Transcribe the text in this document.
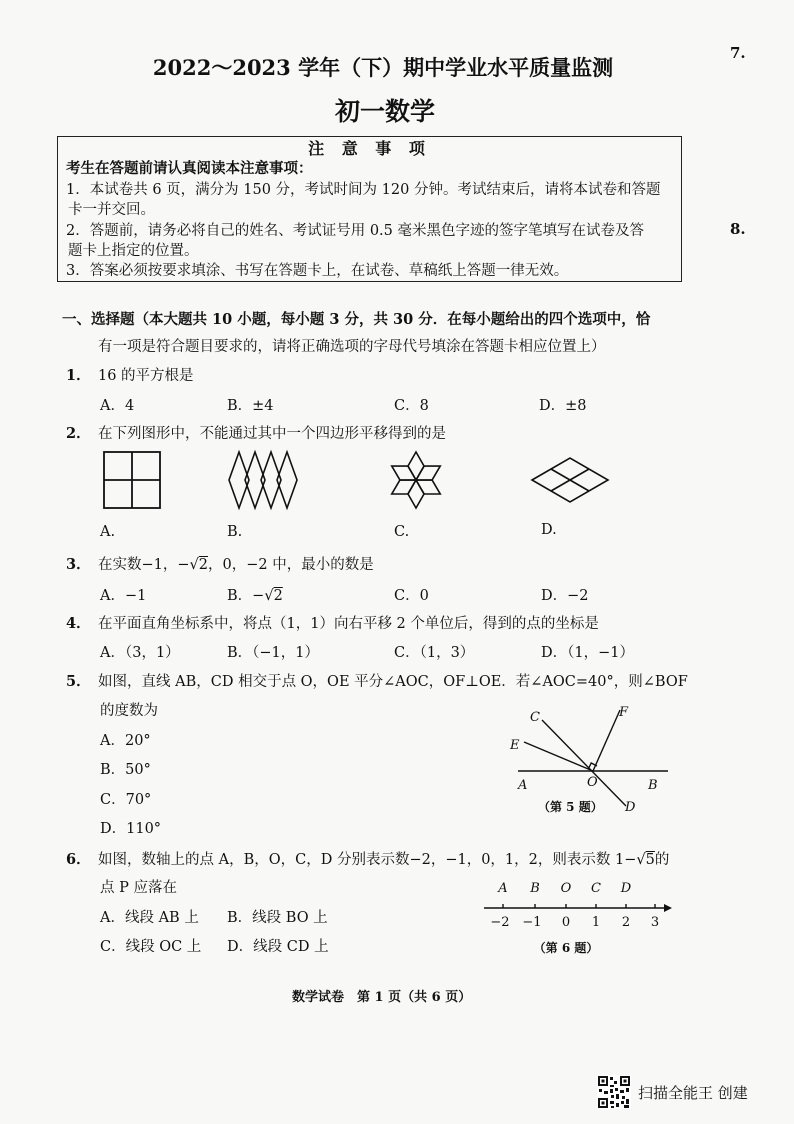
2022～2023 学年（下）期中学业水平质量监测
初一数学
7.
8.
注 意 事 项
考生在答题前请认真阅读本注意事项：
1．本试卷共 6 页，满分为 150 分，考试时间为 120 分钟。考试结束后，请将本试卷和答题
卡一并交回。
2．答题前，请务必将自己的姓名、考试证号用 0.5 毫米黑色字迹的签字笔填写在试卷及答
题卡上指定的位置。
3．答案必须按要求填涂、书写在答题卡上，在试卷、草稿纸上答题一律无效。
一、选择题（本大题共 10 小题，每小题 3 分，共 30 分．在每小题给出的四个选项中，恰
有一项是符合题目要求的，请将正确选项的字母代号填涂在答题卡相应位置上）
1． 16 的平方根是
A．4	B．±4	C．8	D．±8
2． 在下列图形中，不能通过其中一个四边形平移得到的是
A.	B.	C.	D.
3． 在实数−1，−√2，0，−2 中，最小的数是
A．−1	B．−√2	C．0	D．−2
4． 在平面直角坐标系中，将点（1，1）向右平移 2 个单位后，得到的点的坐标是
A．（3，1）	B．（−1，1）	C．（1，3）	D．（1，−1）
5． 如图，直线 AB，CD 相交于点 O，OE 平分∠AOC，OF⊥OE．若∠AOC=40°，则∠BOF
的度数为
A．20°
B．50°
C．70°
D．110°
C	F
E
A	O	B
D
（第 5 题）
6． 如图，数轴上的点 A，B，O，C，D 分别表示数−2，−1，0，1，2，则表示数 1−√5的
点 P 应落在
A．线段 AB 上 B．线段 BO 上
C．线段 OC 上 D．线段 CD 上
A B O C D
−2 −1 0 1 2 3
（第 6 题）
数学试卷　第 1 页（共 6 页）
扫描全能王 创建
